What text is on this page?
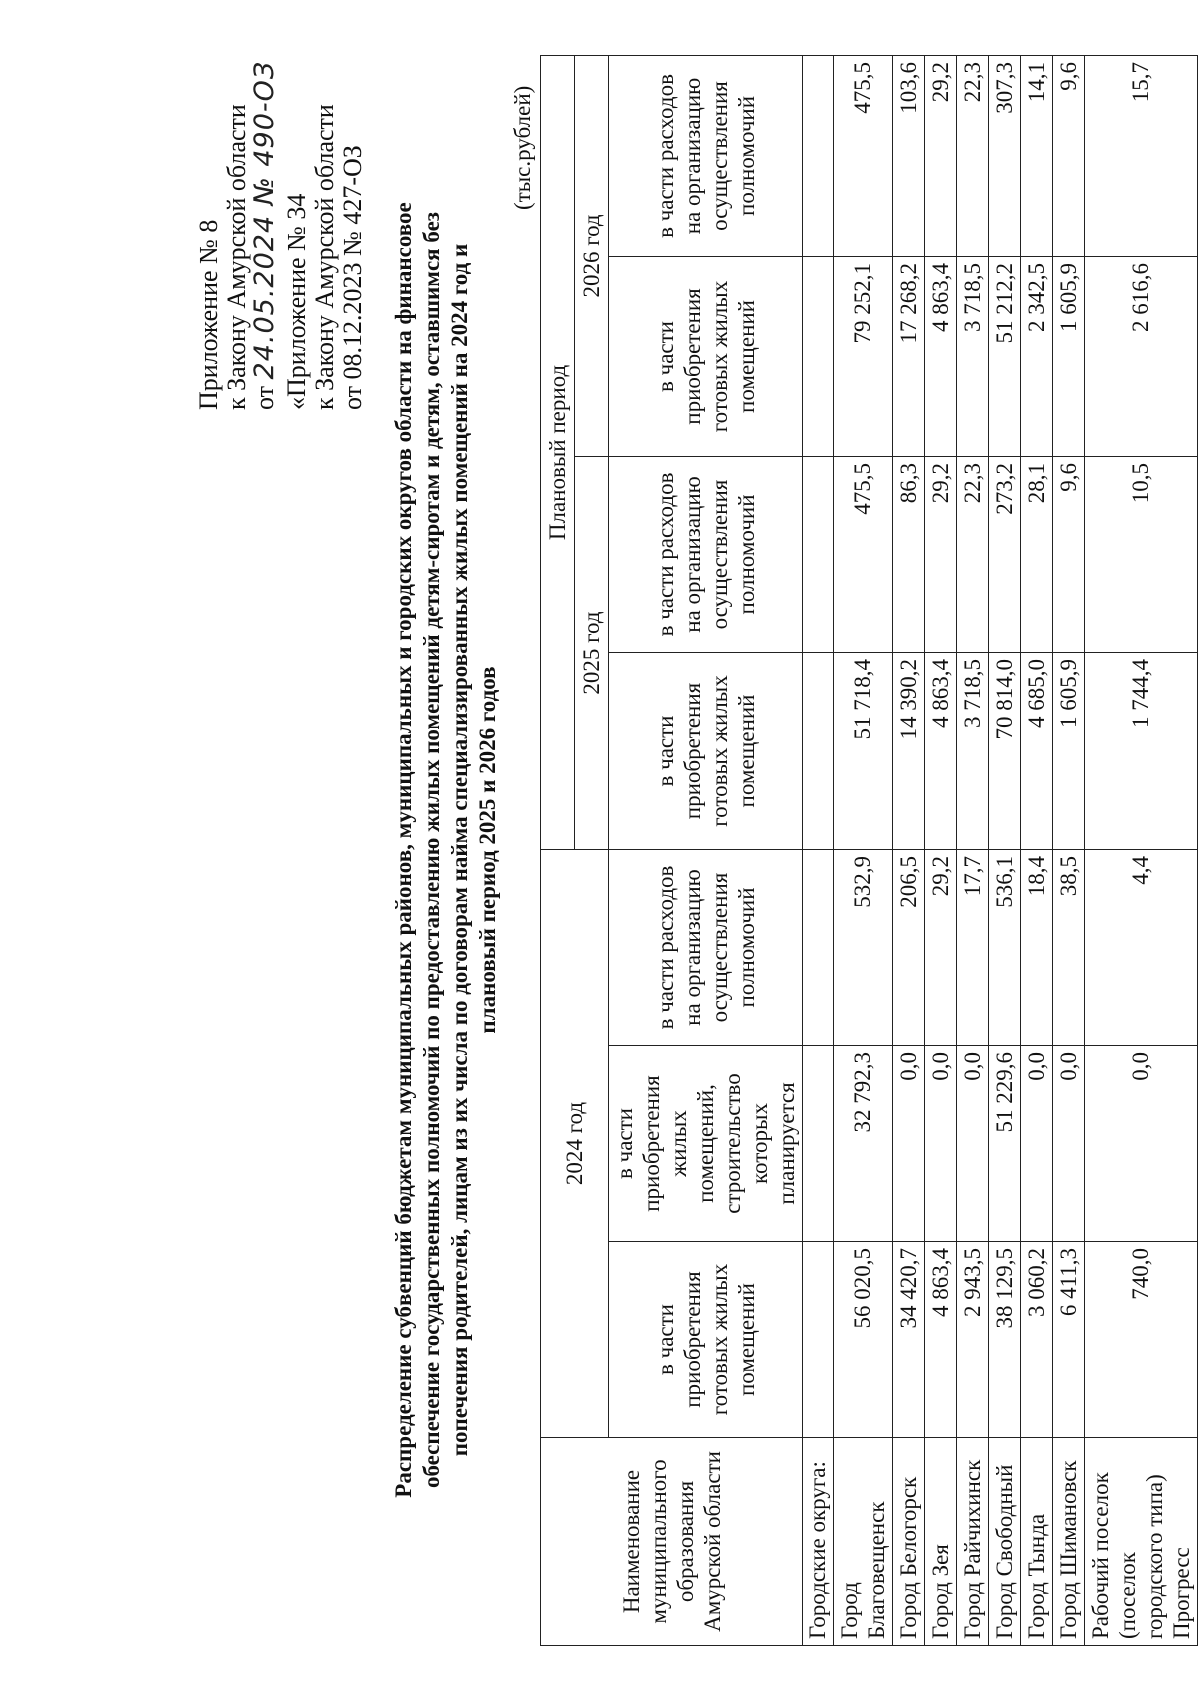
Приложение № 8 к Закону Амурской области от 24.05.2024 № 490-ОЗ «Приложение № 34 к Закону Амурской области от 08.12.2023 № 427-ОЗ Распределение субвенций бюджетам муниципальных районов, муниципальных и городских округов области на финансовое обеспечение государственных полномочий по предоставлению жилых помещений детям-сиротам и детям, оставшимся без попечения родителей, лицам из их числа по договорам найма специализированных жилых помещений на 2024 год и плановый период 2025 и 2026 годов
(тыс.рублей)
Наименование муниципального образования Амурской области	2024 год			Плановый период			
				2025 год		2026 год	
	в части приобретения готовых жилых помещений	в части приобретения жилых помещений, строительство которых планируется	в части расходов на организацию осуществления полномочий	в части приобретения готовых жилых помещений	в части расходов на организацию осуществления полномочий	в части приобретения готовых жилых помещений	в части расходов на организацию осуществления полномочий
Городские округа:							
Город Благовещенск	56 020,5	32 792,3	532,9	51 718,4	475,5	79 252,1	475,5
Город Белогорск	34 420,7	0,0	206,5	14 390,2	86,3	17 268,2	103,6
Город Зея	4 863,4	0,0	29,2	4 863,4	29,2	4 863,4	29,2
Город Райчихинск	2 943,5	0,0	17,7	3 718,5	22,3	3 718,5	22,3
Город Свободный	38 129,5	51 229,6	536,1	70 814,0	273,2	51 212,2	307,3
Город Тында	3 060,2	0,0	18,4	4 685,0	28,1	2 342,5	14,1
Город Шимановск	6 411,3	0,0	38,5	1 605,9	9,6	1 605,9	9,6
Рабочий поселок (поселок городского типа) Прогресс	740,0	0,0	4,4	1 744,4	10,5	2 616,6	15,7
